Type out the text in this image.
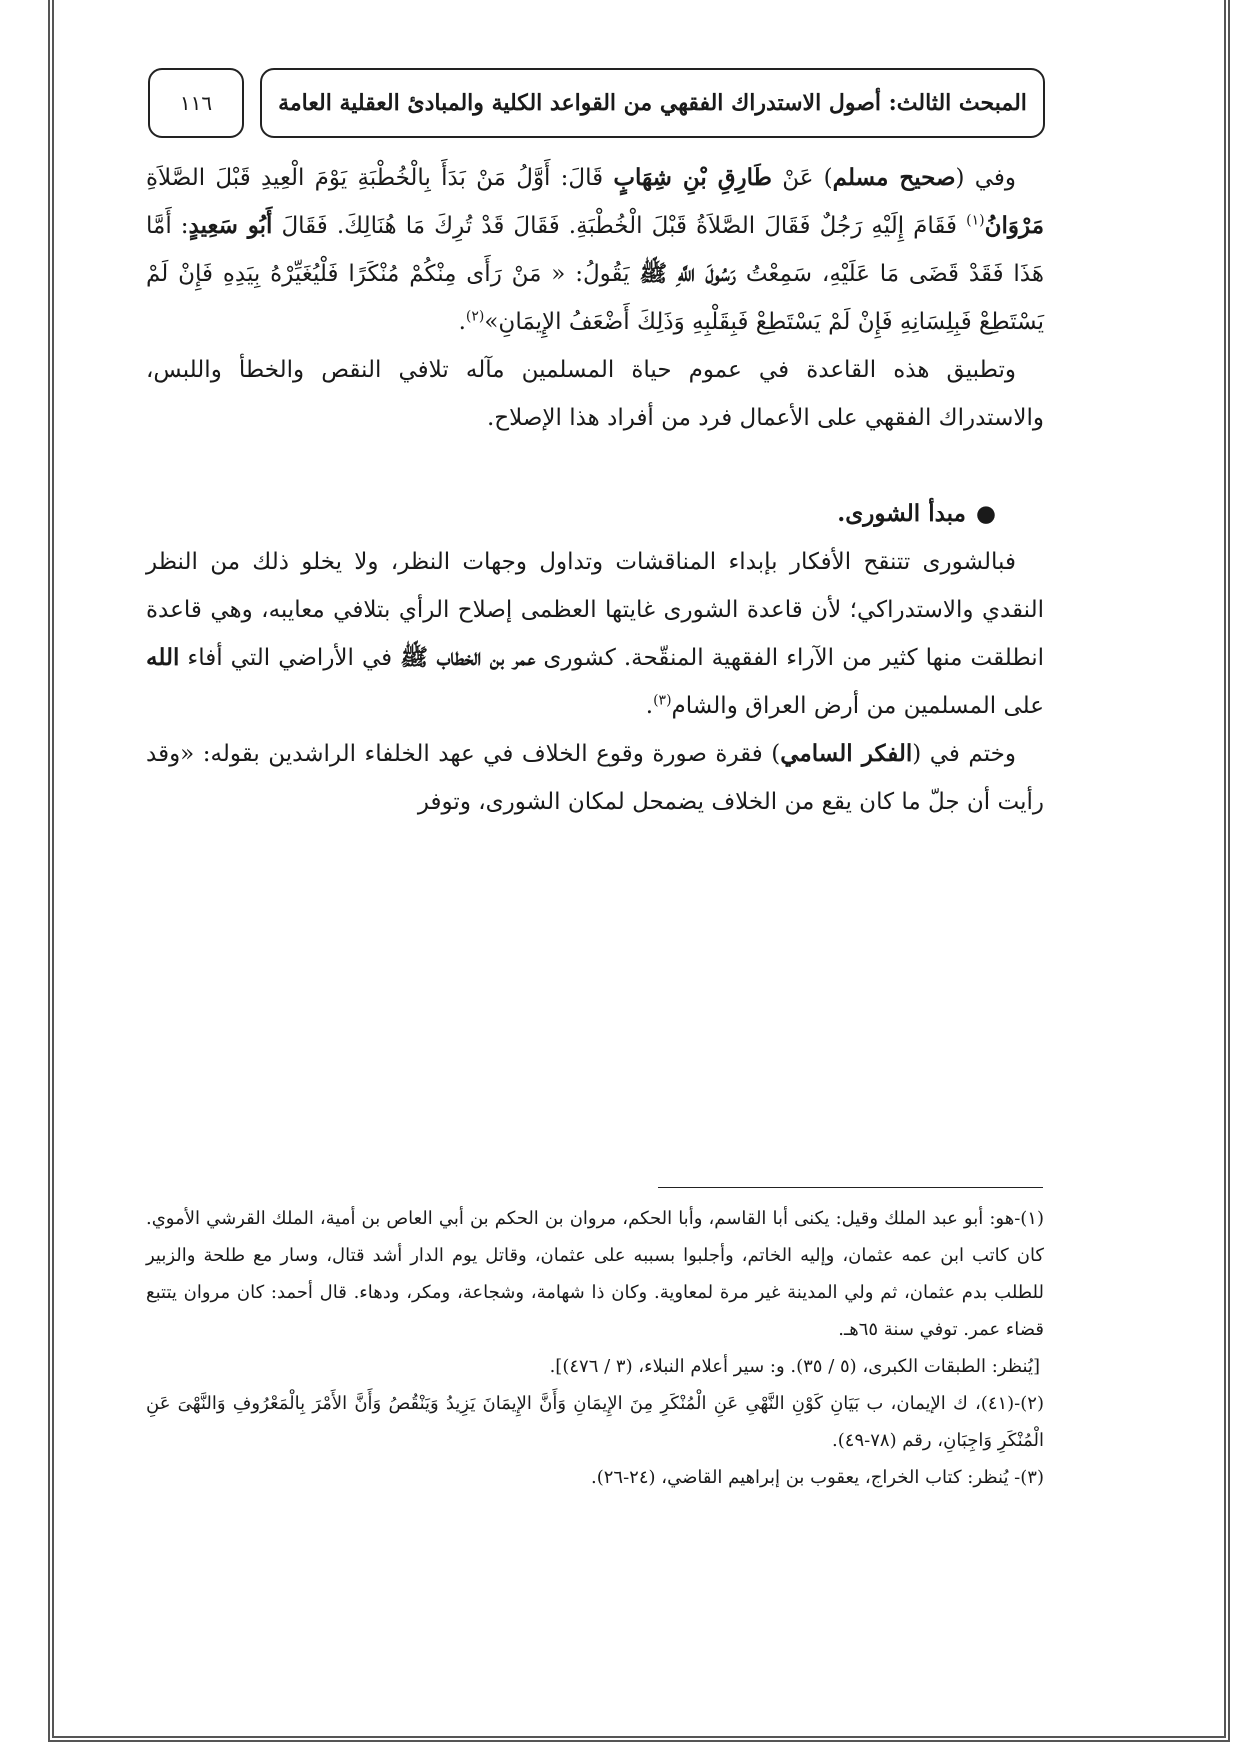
المبحث الثالث: أصول الاستدراك الفقهي من القواعد الكلية والمبادئ العقلية العامة
١١٦

وفي (صحيح مسلم) عَنْ طَارِقِ بْنِ شِهَابٍ قَالَ: أَوَّلُ مَنْ بَدَأَ بِالْخُطْبَةِ يَوْمَ الْعِيدِ قَبْلَ الصَّلاَةِ مَرْوَانُ$^{(١)}$ فَقَامَ إِلَيْهِ رَجُلٌ فَقَالَ الصَّلاَةُ قَبْلَ الْخُطْبَةِ. فَقَالَ قَدْ تُرِكَ مَا هُنَالِكَ. فَقَالَ أَبُو سَعِيدٍ: أَمَّا هَذَا فَقَدْ قَضَى مَا عَلَيْهِ، سَمِعْتُ رَسُولَ اللَّهِ ﷺ يَقُولُ: « مَنْ رَأَى مِنْكُمْ مُنْكَرًا فَلْيُغَيِّرْهُ بِيَدِهِ فَإِنْ لَمْ يَسْتَطِعْ فَبِلِسَانِهِ فَإِنْ لَمْ يَسْتَطِعْ فَبِقَلْبِهِ وَذَلِكَ أَضْعَفُ الإِيمَانِ»$^{(٢)}$.

وتطبيق هذه القاعدة في عموم حياة المسلمين مآله تلافي النقص والخطأ واللبس، والاستدراك الفقهي على الأعمال فرد من أفراد هذا الإصلاح.

●مبدأ الشورى.

فبالشورى تتنقح الأفكار بإبداء المناقشات وتداول وجهات النظر، ولا يخلو ذلك من النظر النقدي والاستدراكي؛ لأن قاعدة الشورى غايتها العظمى إصلاح الرأي بتلافي معايبه، وهي قاعدة انطلقت منها كثير من الآراء الفقهية المنقّحة. كشورى عمر بن الخطاب ﷺ في الأراضي التي أفاء الله على المسلمين من أرض العراق والشام$^{(٣)}$.

وختم في (الفكر السامي) فقرة صورة وقوع الخلاف في عهد الخلفاء الراشدين بقوله: «وقد رأيت أن جلّ ما كان يقع من الخلاف يضمحل لمكان الشورى، وتوفر

(١)-هو: أبو عبد الملك وقيل: يكنى أبا القاسم، وأبا الحكم، مروان بن الحكم بن أبي العاص بن أمية، الملك القرشي الأموي. كان كاتب ابن عمه عثمان، وإليه الخاتم، وأجلبوا بسببه على عثمان، وقاتل يوم الدار أشد قتال، وسار مع طلحة والزبير للطلب بدم عثمان، ثم ولي المدينة غير مرة لمعاوية. وكان ذا شهامة، وشجاعة، ومكر، ودهاء. قال أحمد: كان مروان يتتبع قضاء عمر. توفي سنة ٦٥هـ.

[يُنظر: الطبقات الكبرى، (٥ / ٣٥). و: سير أعلام النبلاء، (٣ / ٤٧٦)].

(٢)-(٤١)، ك الإيمان، ب بَيَانِ كَوْنِ النَّهْىِ عَنِ الْمُنْكَرِ مِنَ الإِيمَانِ وَأَنَّ الإِيمَانَ يَزِيدُ وَيَنْقُصُ وَأَنَّ الأَمْرَ بِالْمَعْرُوفِ وَالنَّهْىَ عَنِ الْمُنْكَرِ وَاجِبَانِ، رقم (٧٨-٤٩).

(٣)- يُنظر: كتاب الخراج، يعقوب بن إبراهيم القاضي، (٢٤-٢٦).
